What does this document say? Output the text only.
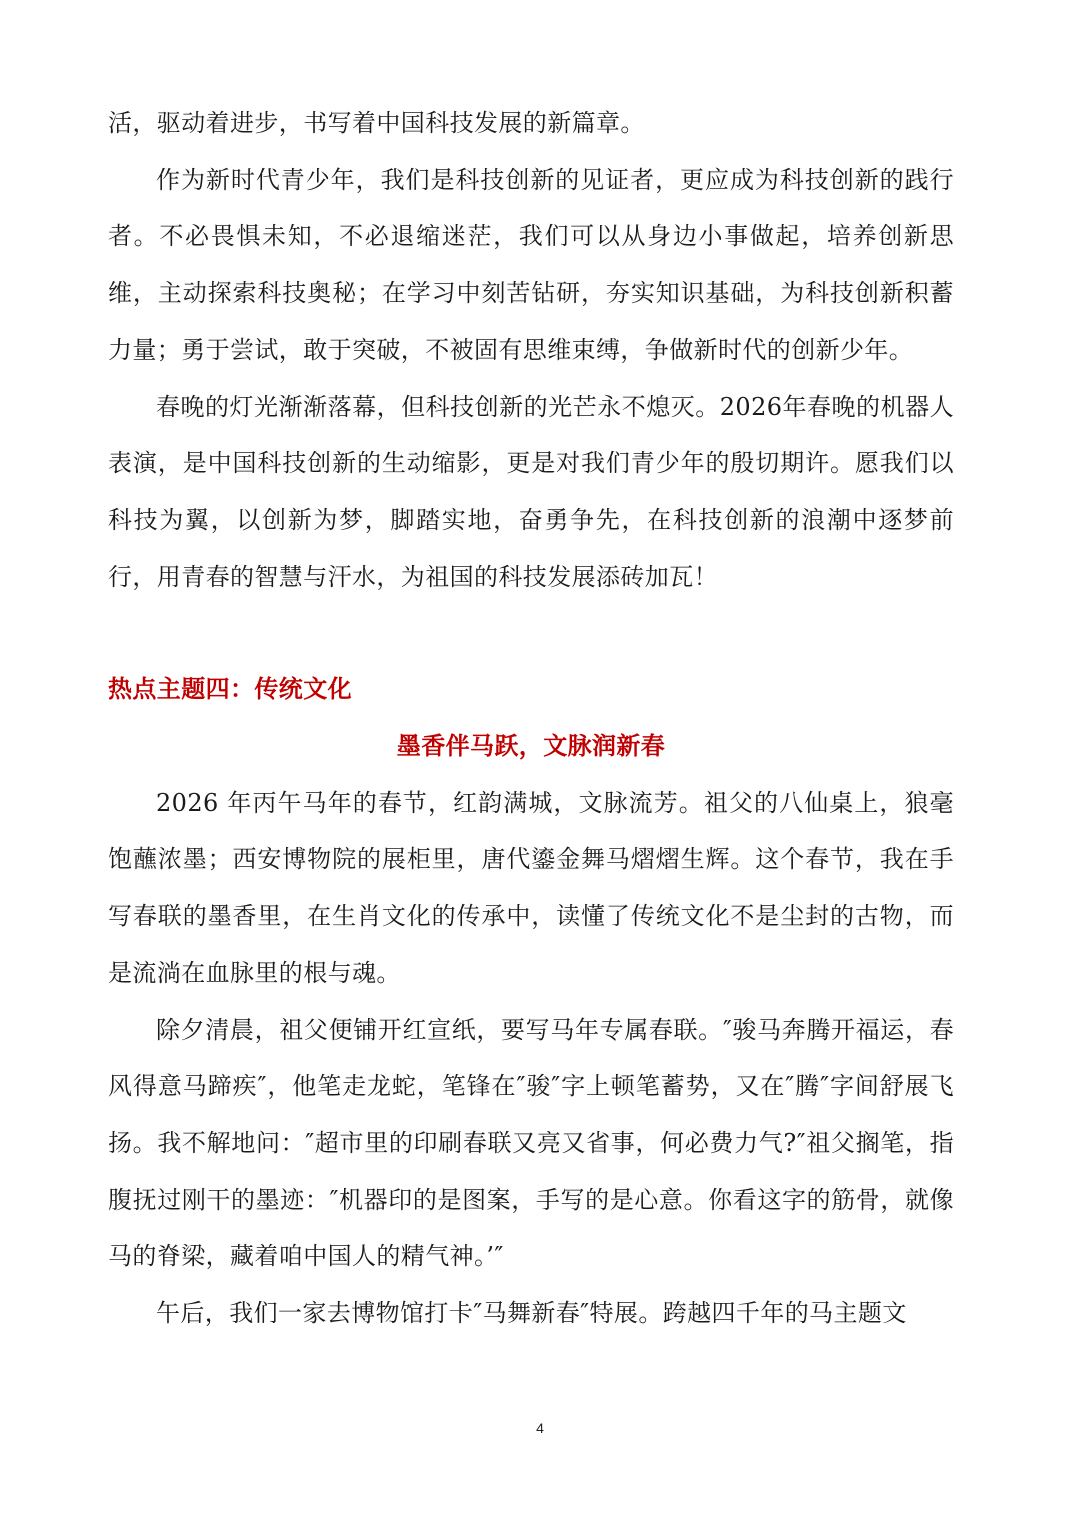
活，驱动着进步，书写着中国科技发展的新篇章。

作为新时代青少年，我们是科技创新的见证者，更应成为科技创新的践行者。不必畏惧未知，不必退缩迷茫，我们可以从身边小事做起，培养创新思维，主动探索科技奥秘；在学习中刻苦钻研，夯实知识基础，为科技创新积蓄力量；勇于尝试，敢于突破，不被固有思维束缚，争做新时代的创新少年。

春晚的灯光渐渐落幕，但科技创新的光芒永不熄灭。2026年春晚的机器人表演，是中国科技创新的生动缩影，更是对我们青少年的殷切期许。愿我们以科技为翼，以创新为梦，脚踏实地，奋勇争先，在科技创新的浪潮中逐梦前行，用青春的智慧与汗水，为祖国的科技发展添砖加瓦！

热点主题四：传统文化
墨香伴马跃，文脉润新春

2026 年丙午马年的春节，红韵满城，文脉流芳。祖父的八仙桌上，狼毫饱蘸浓墨；西安博物院的展柜里，唐代鎏金舞马熠熠生辉。这个春节，我在手写春联的墨香里，在生肖文化的传承中，读懂了传统文化不是尘封的古物，而是流淌在血脉里的根与魂。

除夕清晨，祖父便铺开红宣纸，要写马年专属春联。″骏马奔腾开福运，春风得意马蹄疾″，他笔走龙蛇，笔锋在″骏″字上顿笔蓄势，又在″腾″字间舒展飞扬。我不解地问：″超市里的印刷春联又亮又省事，何必费力气?″祖父搁笔，指腹抚过刚干的墨迹：″机器印的是图案，手写的是心意。你看这字的筋骨，就像马的脊梁，藏着咱中国人的精气神。’″

午后，我们一家去博物馆打卡″马舞新春″特展。跨越四千年的马主题文

4
